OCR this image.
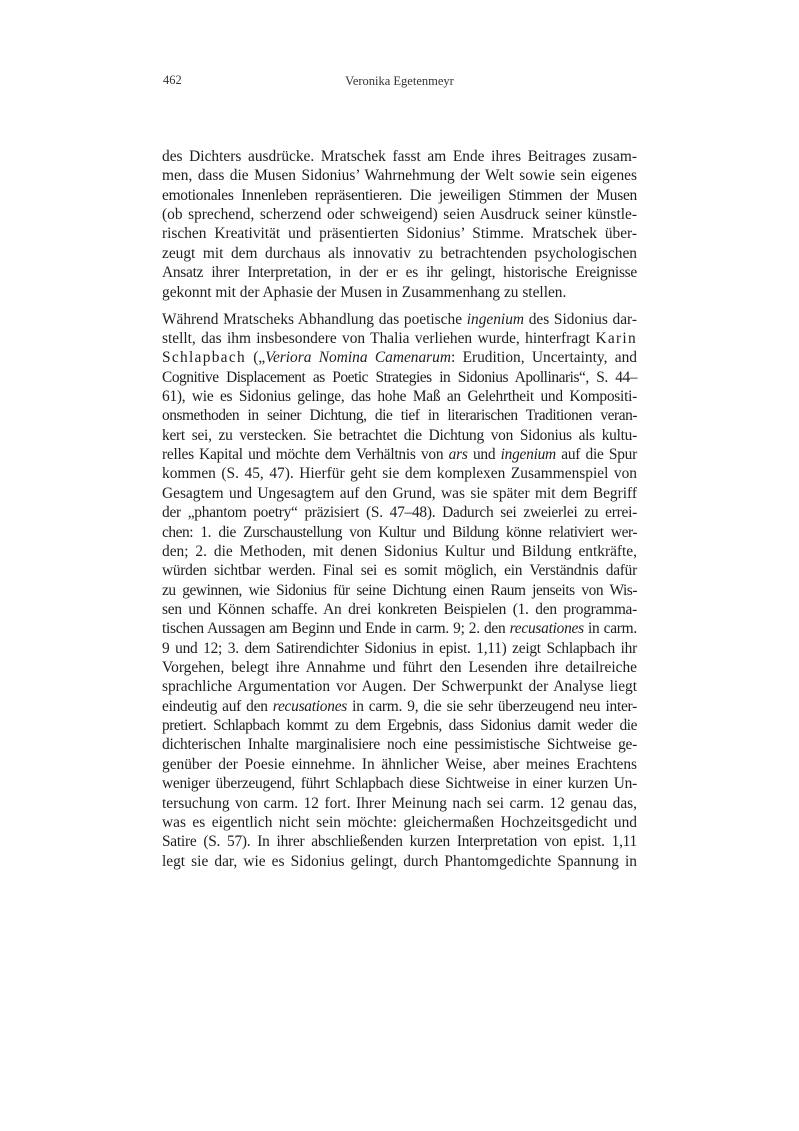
462	Veronika Egetenmeyr

des Dichters ausdrücke. Mratschek fasst am Ende ihres Beitrages zusam-
men, dass die Musen Sidonius’ Wahrnehmung der Welt sowie sein eigenes
emotionales Innenleben repräsentieren. Die jeweiligen Stimmen der Musen
(ob sprechend, scherzend oder schweigend) seien Ausdruck seiner künstle-
rischen Kreativität und präsentierten Sidonius’ Stimme. Mratschek über-
zeugt mit dem durchaus als innovativ zu betrachtenden psychologischen
Ansatz ihrer Interpretation, in der er es ihr gelingt, historische Ereignisse
gekonnt mit der Aphasie der Musen in Zusammenhang zu stellen.

Während Mratscheks Abhandlung das poetische ingenium des Sidonius dar-
stellt, das ihm insbesondere von Thalia verliehen wurde, hinterfragt Karin
Schlapbach („Veriora Nomina Camenarum: Erudition, Uncertainty, and
Cognitive Displacement as Poetic Strategies in Sidonius Apollinaris“, S. 44–
61), wie es Sidonius gelinge, das hohe Maß an Gelehrtheit und Kompositi-
onsmethoden in seiner Dichtung, die tief in literarischen Traditionen veran-
kert sei, zu verstecken. Sie betrachtet die Dichtung von Sidonius als kultu-
relles Kapital und möchte dem Verhältnis von ars und ingenium auf die Spur
kommen (S. 45, 47). Hierfür geht sie dem komplexen Zusammenspiel von
Gesagtem und Ungesagtem auf den Grund, was sie später mit dem Begriff
der „phantom poetry“ präzisiert (S. 47–48). Dadurch sei zweierlei zu errei-
chen: 1. die Zurschaustellung von Kultur und Bildung könne relativiert wer-
den; 2. die Methoden, mit denen Sidonius Kultur und Bildung entkräfte,
würden sichtbar werden. Final sei es somit möglich, ein Verständnis dafür
zu gewinnen, wie Sidonius für seine Dichtung einen Raum jenseits von Wis-
sen und Können schaffe. An drei konkreten Beispielen (1. den programma-
tischen Aussagen am Beginn und Ende in carm. 9; 2. den recusationes in carm.
9 und 12; 3. dem Satirendichter Sidonius in epist. 1,11) zeigt Schlapbach ihr
Vorgehen, belegt ihre Annahme und führt den Lesenden ihre detailreiche
sprachliche Argumentation vor Augen. Der Schwerpunkt der Analyse liegt
eindeutig auf den recusationes in carm. 9, die sie sehr überzeugend neu inter-
pretiert. Schlapbach kommt zu dem Ergebnis, dass Sidonius damit weder die
dichterischen Inhalte marginalisiere noch eine pessimistische Sichtweise ge-
genüber der Poesie einnehme. In ähnlicher Weise, aber meines Erachtens
weniger überzeugend, führt Schlapbach diese Sichtweise in einer kurzen Un-
tersuchung von carm. 12 fort. Ihrer Meinung nach sei carm. 12 genau das,
was es eigentlich nicht sein möchte: gleichermaßen Hochzeitsgedicht und
Satire (S. 57). In ihrer abschließenden kurzen Interpretation von epist. 1,11
legt sie dar, wie es Sidonius gelingt, durch Phantomgedichte Spannung in
